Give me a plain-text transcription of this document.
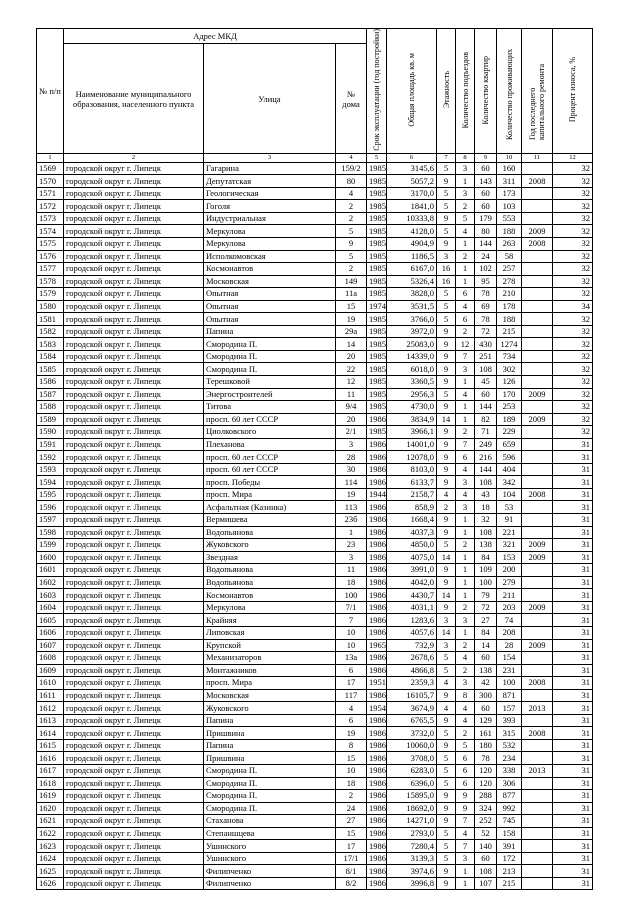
№ п/п	Адрес МКД			Срок эксплуатации (год постройки)	Общая площадь кв. м	Этажность	Количество подъездов	Количество квартир	Количество проживающих	Год последнего капитального ремонта	Процент износа, %
	Наименование муниципального образования, населенного пункта	Улица	№ дома								
1	2	3	4	5	6	7	8	9	10	11	12
1569	городской округ г. Липецк	Гагарина	159/2	1985	3145,6	5	3	60	160		32
1570	городской округ г. Липецк	Депутатская	80	1985	5057,2	9	1	143	311	2008	32
1571	городской округ г. Липецк	Геологическая	4	1985	3170,0	5	3	60	173		32
1572	городской округ г. Липецк	Гоголя	2	1985	1841,0	5	2	60	103		32
1573	городской округ г. Липецк	Индустриальная	2	1985	10333,8	9	5	179	553		32
1574	городской округ г. Липецк	Меркулова	5	1985	4128,0	5	4	80	188	2009	32
1575	городской округ г. Липецк	Меркулова	9	1985	4904,9	9	1	144	263	2008	32
1576	городской округ г. Липецк	Исполкомовская	5	1985	1186,5	3	2	24	58		32
1577	городской округ г. Липецк	Космонавтов	2	1985	6167,0	16	1	102	257		32
1578	городской округ г. Липецк	Московская	149	1985	5326,4	16	1	95	278		32
1579	городской округ г. Липецк	Опытная	11а	1985	3828,0	5	6	78	210		32
1580	городской округ г. Липецк	Опытная	15	1974	3531,5	5	4	69	178		34
1581	городской округ г. Липецк	Опытная	19	1985	3766,0	5	6	78	188		32
1582	городской округ г. Липецк	Папина	29а	1985	3972,0	9	2	72	215		32
1583	городской округ г. Липецк	Смородина П.	14	1985	25083,0	9	12	430	1274		32
1584	городской округ г. Липецк	Смородина П.	20	1985	14339,0	9	7	251	734		32
1585	городской округ г. Липецк	Смородина П.	22	1985	6018,0	9	3	108	302		32
1586	городской округ г. Липецк	Терешковой	12	1985	3360,5	9	1	45	126		32
1587	городской округ г. Липецк	Энергостроителей	11	1985	2956,3	5	4	60	170	2009	32
1588	городской округ г. Липецк	Титова	9/4	1985	4730,0	9	1	144	253		32
1589	городской округ г. Липецк	просп. 60 лет СССР	20	1986	3834,9	14	1	82	189	2009	32
1590	городской округ г. Липецк	Циолковского	2/1	1985	3966,1	9	2	71	229		32
1591	городской округ г. Липецк	Плеханова	3	1986	14001,0	9	7	249	659		31
1592	городской округ г. Липецк	просп. 60 лет СССР	28	1986	12078,0	9	6	216	596		31
1593	городской округ г. Липецк	просп. 60 лет СССР	30	1986	8103,0	9	4	144	404		31
1594	городской округ г. Липецк	просп. Победы	114	1986	6133,7	9	3	108	342		31
1595	городской округ г. Липецк	просп. Мира	19	1944	2158,7	4	4	43	104	2008	31
1596	городской округ г. Липецк	Асфальтная (Казинка)	113	1986	858,9	2	3	18	53		31
1597	городской округ г. Липецк	Вермишева	23б	1986	1668,4	9	1	32	91		31
1598	городской округ г. Липецк	Водопьянова	1	1986	4037,3	9	1	108	221		31
1599	городской округ г. Липецк	Жуковского	23	1986	4850,0	5	2	138	321	2009	31
1600	городской округ г. Липецк	Звездная	3	1986	4075,0	14	1	84	153	2009	31
1601	городской округ г. Липецк	Водопьянова	11	1986	3991,0	9	1	109	200		31
1602	городской округ г. Липецк	Водопьянова	18	1986	4042,0	9	1	100	279		31
1603	городской округ г. Липецк	Космонавтов	100	1986	4430,7	14	1	79	211		31
1604	городской округ г. Липецк	Меркулова	7/1	1986	4031,1	9	2	72	203	2009	31
1605	городской округ г. Липецк	Крайняя	7	1986	1283,6	3	3	27	74		31
1606	городской округ г. Липецк	Липовская	10	1986	4057,6	14	1	84	208		31
1607	городской округ г. Липецк	Крупской	10	1965	732,9	3	2	14	28	2009	31
1608	городской округ г. Липецк	Механизаторов	13а	1986	2678,6	5	4	60	154		31
1609	городской округ г. Липецк	Монтажников	6	1986	4866,8	5	2	138	231		31
1610	городской округ г. Липецк	просп. Мира	17	1951	2359,3	4	3	42	100	2008	31
1611	городской округ г. Липецк	Московская	117	1986	16105,7	9	8	300	871		31
1612	городской округ г. Липецк	Жуковского	4	1954	3674,9	4	4	60	157	2013	31
1613	городской округ г. Липецк	Папина	6	1986	6765,5	9	4	129	393		31
1614	городской округ г. Липецк	Пришвина	19	1986	3732,0	5	2	161	315	2008	31
1615	городской округ г. Липецк	Папина	8	1986	10060,0	9	5	180	532		31
1616	городской округ г. Липецк	Пришвина	15	1986	3708,0	5	6	78	234		31
1617	городской округ г. Липецк	Смородина П.	10	1986	6283,0	5	6	120	338	2013	31
1618	городской округ г. Липецк	Смородина П.	18	1986	6396,0	5	6	120	306		31
1619	городской округ г. Липецк	Смородина П.	2	1986	15895,0	9	9	288	877		31
1620	городской округ г. Липецк	Смородина П.	24	1986	18692,0	9	9	324	992		31
1621	городской округ г. Липецк	Стаханова	27	1986	14271,0	9	7	252	745		31
1622	городской округ г. Липецк	Степаншцева	15	1986	2793,0	5	4	52	158		31
1623	городской округ г. Липецк	Ушинского	17	1986	7280,4	5	7	140	391		31
1624	городской округ г. Липецк	Ушинского	17/1	1986	3139,3	5	3	60	172		31
1625	городской округ г. Липецк	Филипченко	8/1	1986	3974,6	9	1	108	213		31
1626	городской округ г. Липецк	Филипченко	8/2	1986	3996,8	9	1	107	215		31
